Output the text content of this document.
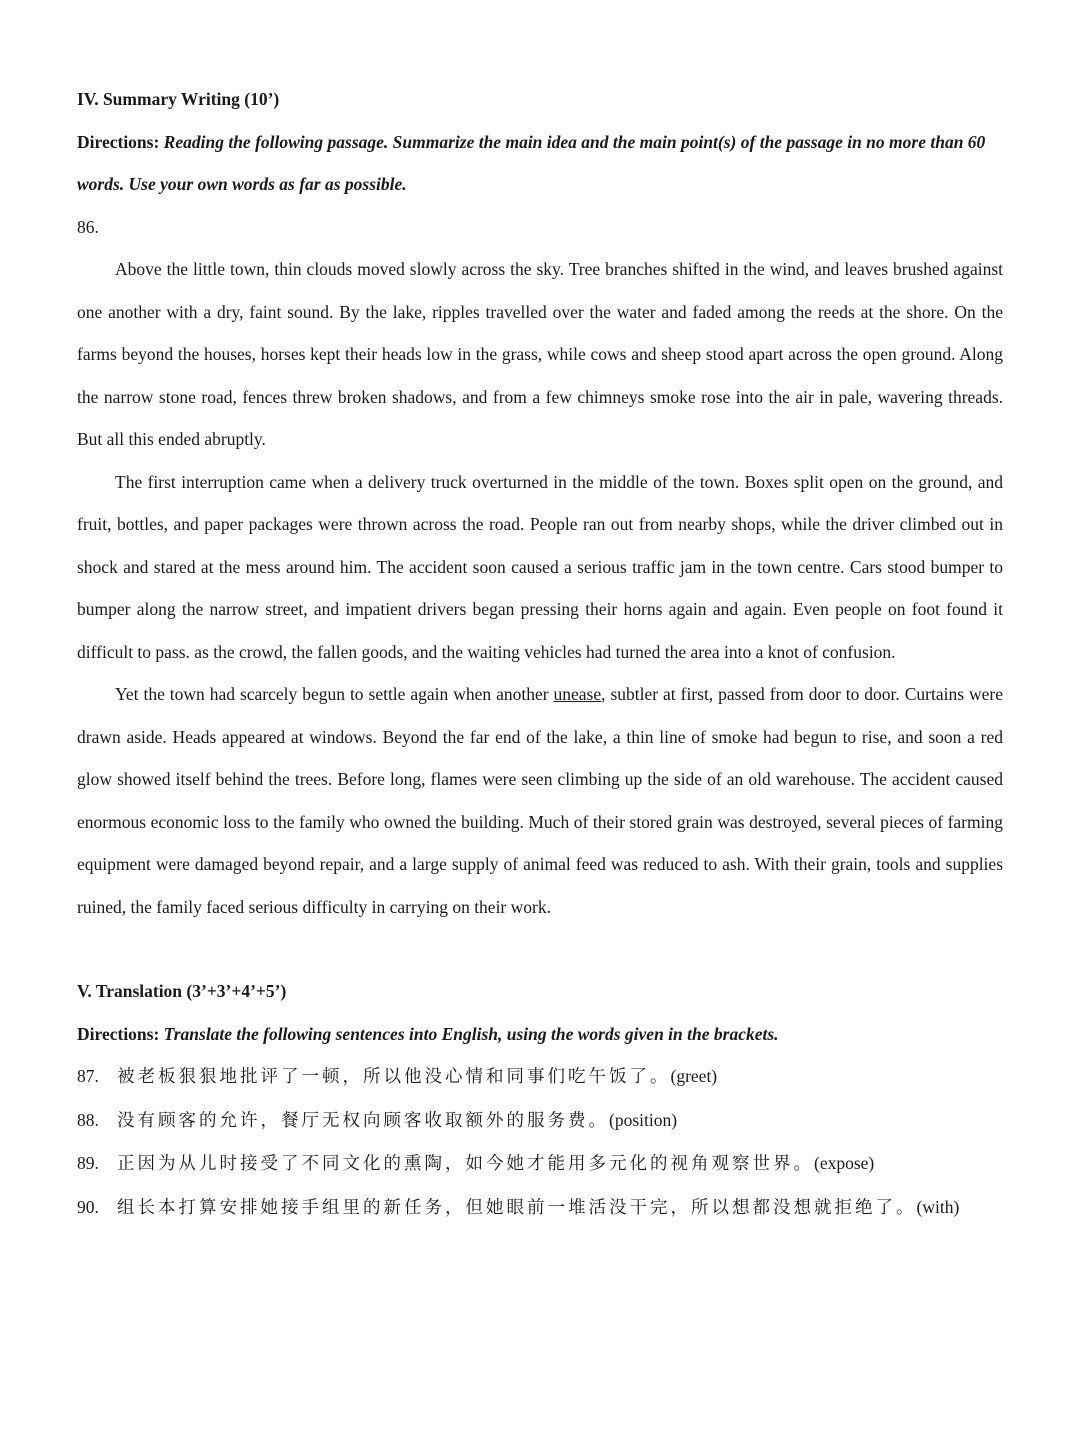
IV. Summary Writing (10’)

Directions: Reading the following passage. Summarize the main idea and the main point(s) of the passage in no more than 60 words. Use your own words as far as possible.

86.

Above the little town, thin clouds moved slowly across the sky. Tree branches shifted in the wind, and leaves brushed against one another with a dry, faint sound. By the lake, ripples travelled over the water and faded among the reeds at the shore. On the farms beyond the houses, horses kept their heads low in the grass, while cows and sheep stood apart across the open ground. Along the narrow stone road, fences threw broken shadows, and from a few chimneys smoke rose into the air in pale, wavering threads. But all this ended abruptly.

The first interruption came when a delivery truck overturned in the middle of the town. Boxes split open on the ground, and fruit, bottles, and paper packages were thrown across the road. People ran out from nearby shops, while the driver climbed out in shock and stared at the mess around him. The accident soon caused a serious traffic jam in the town centre. Cars stood bumper to bumper along the narrow street, and impatient drivers began pressing their horns again and again. Even people on foot found it difficult to pass. as the crowd, the fallen goods, and the waiting vehicles had turned the area into a knot of confusion.

Yet the town had scarcely begun to settle again when another unease, subtler at first, passed from door to door. Curtains were drawn aside. Heads appeared at windows. Beyond the far end of the lake, a thin line of smoke had begun to rise, and soon a red glow showed itself behind the trees. Before long, flames were seen climbing up the side of an old warehouse. The accident caused enormous economic loss to the family who owned the building. Much of their stored grain was destroyed, several pieces of farming equipment were damaged beyond repair, and a large supply of animal feed was reduced to ash. With their grain, tools and supplies ruined, the family faced serious difficulty in carrying on their work.

V. Translation (3’+3’+4’+5’)

Directions: Translate the following sentences into English, using the words given in the brackets.

87. 被老板狠狠地批评了一顿，所以他没心情和同事们吃午饭了。(greet)

88. 没有顾客的允许，餐厅无权向顾客收取额外的服务费。(position)

89. 正因为从儿时接受了不同文化的熏陶，如今她才能用多元化的视角观察世界。(expose)

90. 组长本打算安排她接手组里的新任务，但她眼前一堆活没干完，所以想都没想就拒绝了。(with)
